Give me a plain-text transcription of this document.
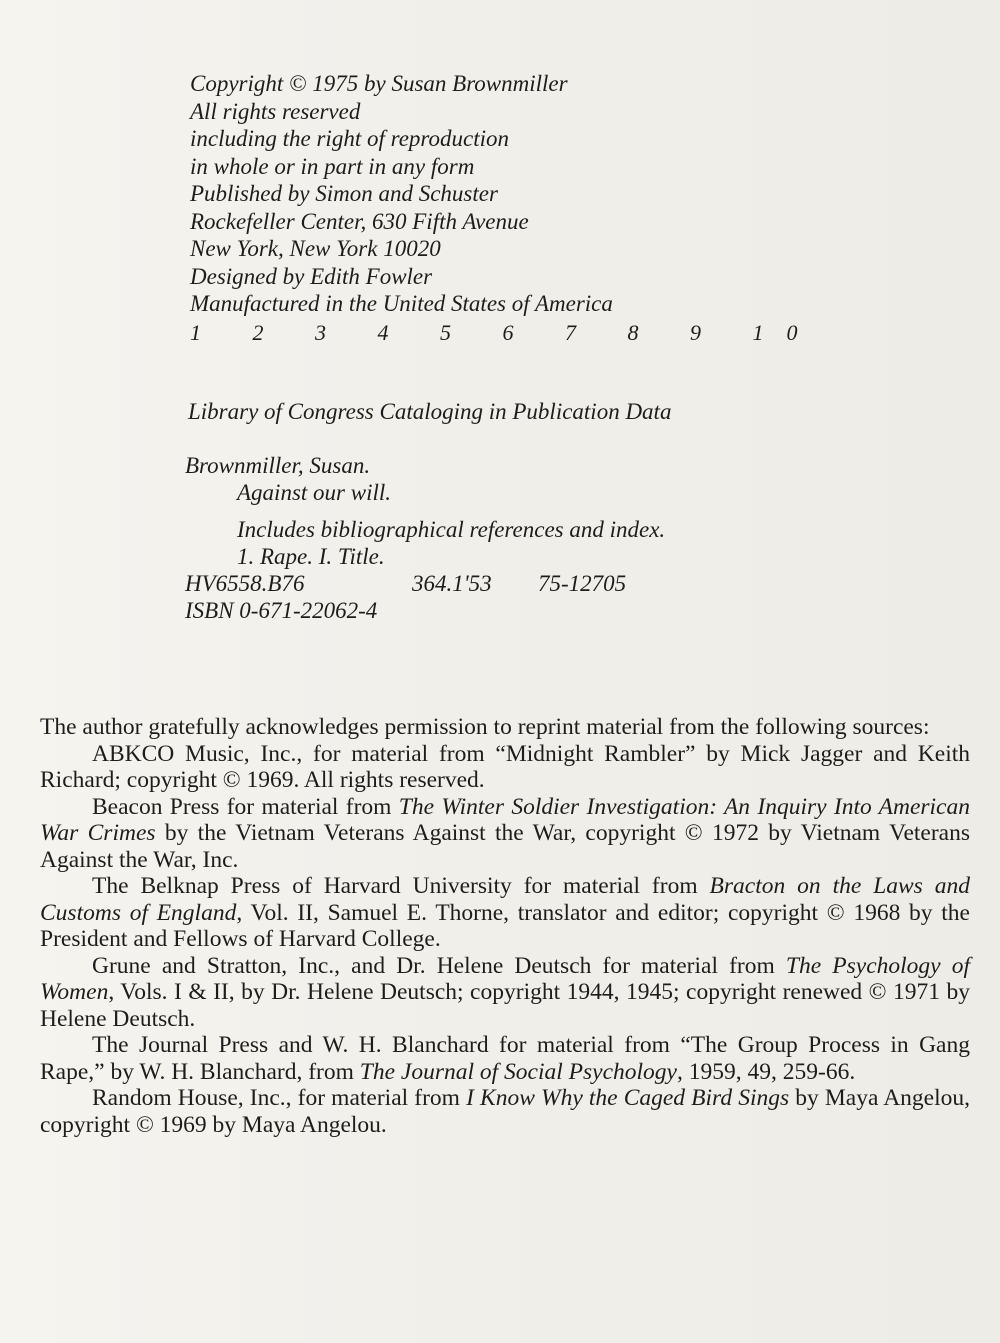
Copyright © 1975 by Susan Brownmiller
All rights reserved
including the right of reproduction
in whole or in part in any form
Published by Simon and Schuster
Rockefeller Center, 630 Fifth Avenue
New York, New York 10020
Designed by Edith Fowler
Manufactured in the United States of America
1 2 3 4 5 6 7 8 9 10
Library of Congress Cataloging in Publication Data
Brownmiller, Susan.
Against our will.
Includes bibliographical references and index.
1. Rape. I. Title.
HV6558.B76	364.1'53 75-12705
ISBN 0-671-22062-4

The author gratefully acknowledges permission to reprint material from the following sources:

ABKCO Music, Inc., for material from “Midnight Rambler” by Mick Jagger and Keith Richard; copyright © 1969. All rights reserved.

Beacon Press for material from The Winter Soldier Investigation: An Inquiry Into American War Crimes by the Vietnam Veterans Against the War, copyright © 1972 by Vietnam Veterans Against the War, Inc.

The Belknap Press of Harvard University for material from Bracton on the Laws and Customs of England, Vol. II, Samuel E. Thorne, translator and editor; copyright © 1968 by the President and Fellows of Harvard College.

Grune and Stratton, Inc., and Dr. Helene Deutsch for material from The Psychology of Women, Vols. I & II, by Dr. Helene Deutsch; copyright 1944, 1945; copyright renewed © 1971 by Helene Deutsch.

The Journal Press and W. H. Blanchard for material from “The Group Process in Gang Rape,” by W. H. Blanchard, from The Journal of Social Psychology, 1959, 49, 259-66.

Random House, Inc., for material from I Know Why the Caged Bird Sings by Maya Angelou, copyright © 1969 by Maya Angelou.
